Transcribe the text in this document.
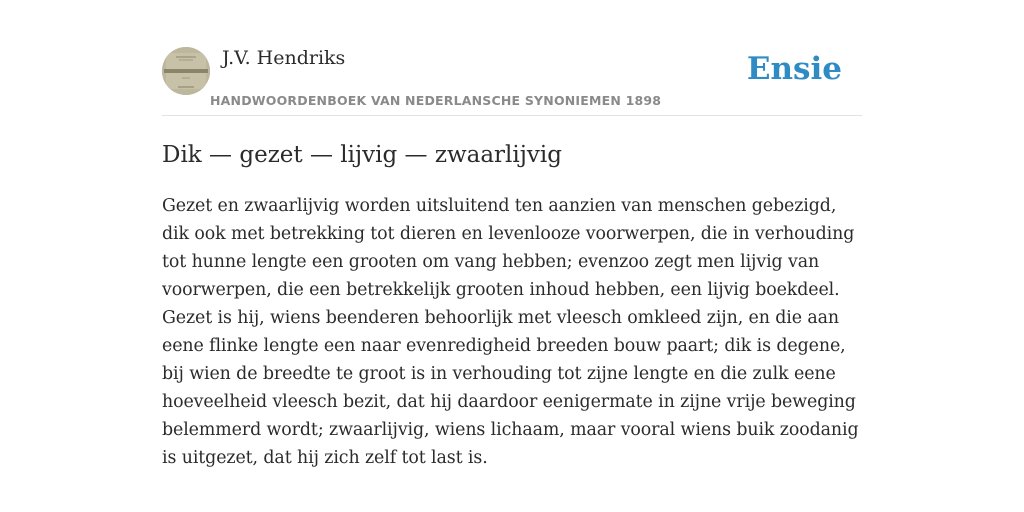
J.V. Hendriks
HANDWOORDENBOEK VAN NEDERLANSCHE SYNONIEMEN 1898
Ensie
Dik — gezet — lijvig — zwaarlijvig

Gezet en zwaarlijvig worden uitsluitend ten aanzien van menschen gebezigd, dik ook met betrekking tot dieren en levenlooze voorwerpen, die in verhouding tot hunne lengte een grooten om vang hebben; evenzoo zegt men lijvig van voorwerpen, die een betrekkelijk grooten inhoud hebben, een lijvig boekdeel. Gezet is hij, wiens beenderen behoorlijk met vleesch omkleed zijn, en die aan eene flinke lengte een naar evenredigheid breeden bouw paart; dik is degene, bij wien de breedte te groot is in verhouding tot zijne lengte en die zulk eene hoeveelheid vleesch bezit, dat hij daardoor eenigermate in zijne vrije beweging belemmerd wordt; zwaarlijvig, wiens lichaam, maar vooral wiens buik zoodanig is uitgezet, dat hij zich zelf tot last is.
